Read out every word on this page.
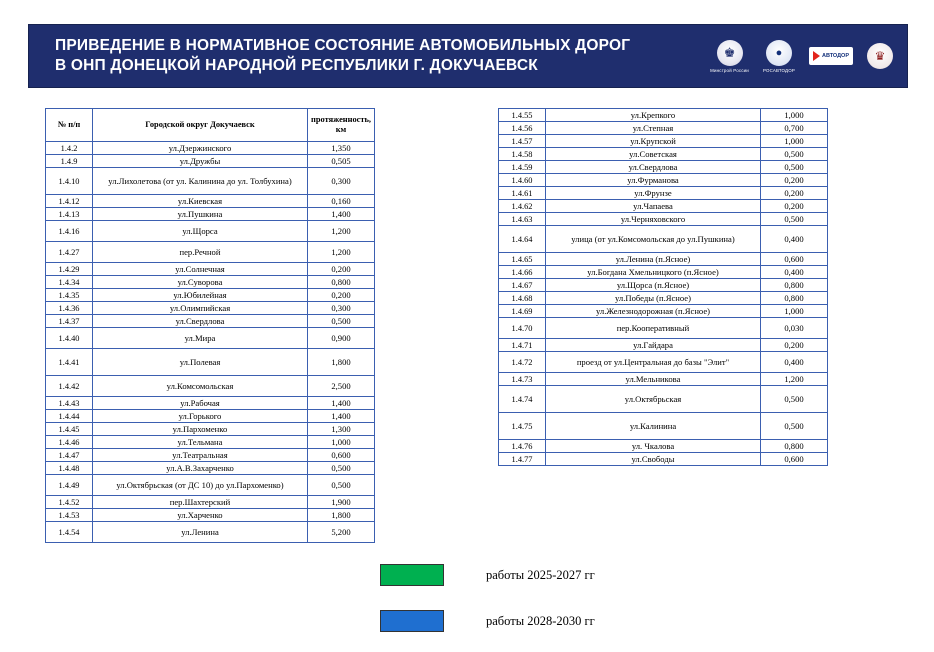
ПРИВЕДЕНИЕ В НОРМАТИВНОЕ СОСТОЯНИЕ АВТОМОБИЛЬНЫХ ДОРОГ
В ОНП ДОНЕЦКОЙ НАРОДНОЙ РЕСПУБЛИКИ Г. ДОКУЧАЕВСК
♚
Минстрой России
●
РОСАВТОДОР
АВТОДОР ♛
№ п/п	Городской округ Докучаевск	протяженность, км
1.4.2	ул.Дзержинского	1,350
1.4.9	ул.Дружбы	0,505
1.4.10	ул.Лихолетова (от ул. Калинина до ул. Толбухина)	0,300
1.4.12	ул.Киевская	0,160
1.4.13	ул.Пушкина	1,400
1.4.16	ул.Щорса	1,200
1.4.27	пер.Речной	1,200
1.4.29	ул.Солнечная	0,200
1.4.34	ул.Суворова	0,800
1.4.35	ул.Юбилейная	0,200
1.4.36	ул.Олимпийская	0,300
1.4.37	ул.Свердлова	0,500
1.4.40	ул.Мира	0,900
1.4.41	ул.Полевая	1,800
1.4.42	ул.Комсомольская	2,500
1.4.43	ул.Рабочая	1,400
1.4.44	ул.Горького	1,400
1.4.45	ул.Пархоменко	1,300
1.4.46	ул.Тельмана	1,000
1.4.47	ул.Театральная	0,600
1.4.48	ул.А.В.Захарченко	0,500
1.4.49	ул.Октябрьская (от ДС 10) до ул.Пархоменко)	0,500
1.4.52	пер.Шахтерский	1,900
1.4.53	ул.Харченко	1,800
1.4.54	ул.Ленина	5,200
1.4.55	ул.Крепкого	1,000
1.4.56	ул.Степная	0,700
1.4.57	ул.Крупской	1,000
1.4.58	ул.Советская	0,500
1.4.59	ул.Свердлова	0,500
1.4.60	ул.Фурманова	0,200
1.4.61	ул.Фрунзе	0,200
1.4.62	ул.Чапаева	0,200
1.4.63	ул.Черняховского	0,500
1.4.64	улица (от ул.Комсомольская до ул.Пушкина)	0,400
1.4.65	ул.Ленина (п.Ясное)	0,600
1.4.66	ул.Богдана Хмельницкого (п.Ясное)	0,400
1.4.67	ул.Щорса (п.Ясное)	0,800
1.4.68	ул.Победы (п.Ясное)	0,800
1.4.69	ул.Железнодорожная (п.Ясное)	1,000
1.4.70	пер.Кооперативный	0,030
1.4.71	ул.Гайдара	0,200
1.4.72	проезд от ул.Центральная до базы "Элит"	0,400
1.4.73	ул.Мельникова	1,200
1.4.74	ул.Октябрьская	0,500
1.4.75	ул.Калинина	0,500
1.4.76	ул. Чкалова	0,800
1.4.77	ул.Свободы	0,600
работы 2025-2027 гг
работы 2028-2030 гг
